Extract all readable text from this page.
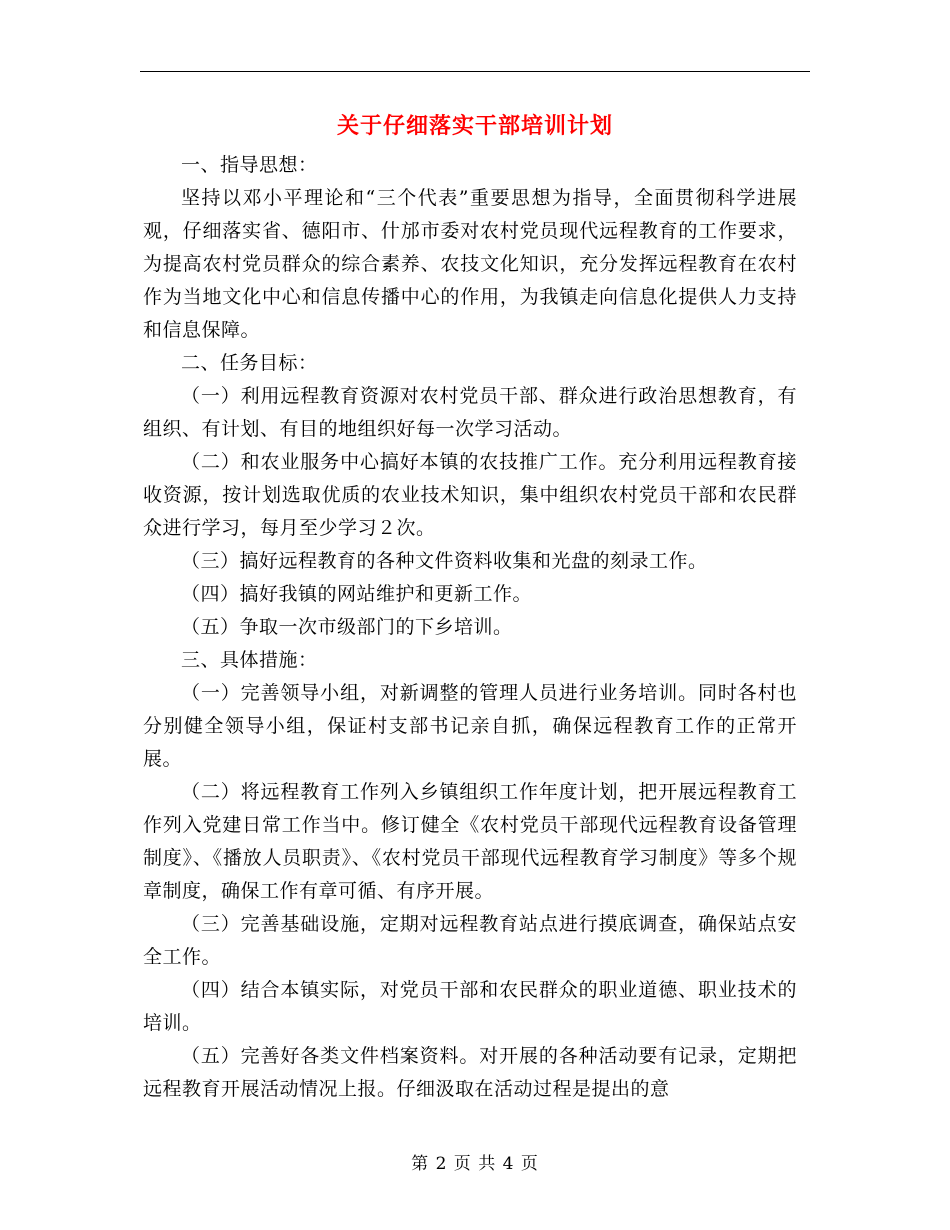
关于仔细落实干部培训计划

一、指导思想：

坚持以邓小平理论和“三个代表”重要思想为指导，全面贯彻科学进展观，仔细落实省、德阳市、什邡市委对农村党员现代远程教育的工作要求，为提高农村党员群众的综合素养、农技文化知识，充分发挥远程教育在农村作为当地文化中心和信息传播中心的作用，为我镇走向信息化提供人力支持和信息保障。

二、任务目标：

（一）利用远程教育资源对农村党员干部、群众进行政治思想教育，有组织、有计划、有目的地组织好每一次学习活动。

（二）和农业服务中心搞好本镇的农技推广工作。充分利用远程教育接收资源，按计划选取优质的农业技术知识，集中组织农村党员干部和农民群众进行学习，每月至少学习２次。

（三）搞好远程教育的各种文件资料收集和光盘的刻录工作。

（四）搞好我镇的网站维护和更新工作。

（五）争取一次市级部门的下乡培训。

三、具体措施：

（一）完善领导小组，对新调整的管理人员进行业务培训。同时各村也分别健全领导小组，保证村支部书记亲自抓，确保远程教育工作的正常开展。

（二）将远程教育工作列入乡镇组织工作年度计划，把开展远程教育工作列入党建日常工作当中。修订健全《农村党员干部现代远程教育设备管理制度》、《播放人员职责》、《农村党员干部现代远程教育学习制度》等多个规章制度，确保工作有章可循、有序开展。

（三）完善基础设施，定期对远程教育站点进行摸底调查，确保站点安全工作。

（四）结合本镇实际，对党员干部和农民群众的职业道德、职业技术的培训。

（五）完善好各类文件档案资料。对开展的各种活动要有记录，定期把远程教育开展活动情况上报。仔细汲取在活动过程是提出的意

第 2 页 共 4 页
